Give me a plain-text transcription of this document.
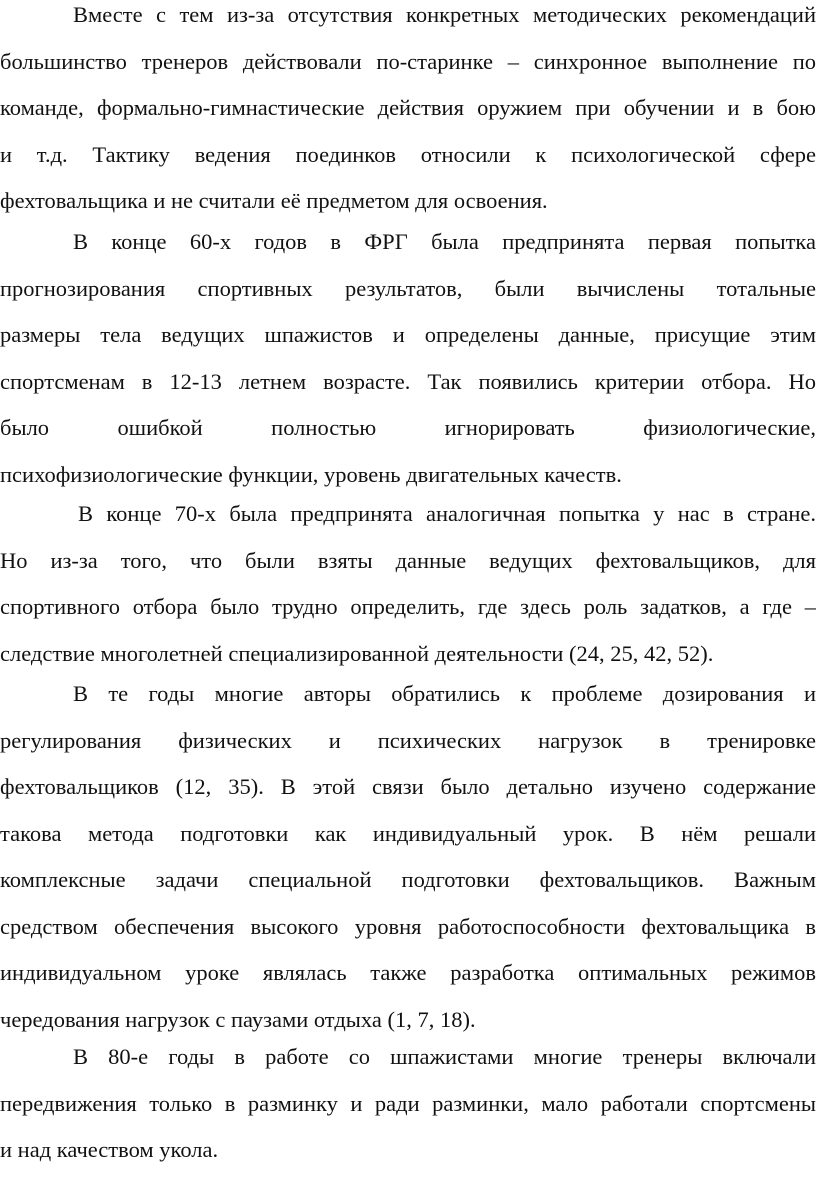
Вместе с тем из-за отсутствия конкретных методических рекомендаций
большинство тренеров действовали по-старинке – синхронное выполнение по
команде, формально-гимнастические действия оружием при обучении и в бою
и т.д. Тактику ведения поединков относили к психологической сфере
фехтовальщика и не считали её предметом для освоения.
В конце 60-х годов в ФРГ была предпринята первая попытка
прогнозирования спортивных результатов, были вычислены тотальные
размеры тела ведущих шпажистов и определены данные, присущие этим
спортсменам в 12-13 летнем возрасте. Так появились критерии отбора. Но
было ошибкой полностью игнорировать физиологические,
психофизиологические функции, уровень двигательных качеств.
В конце 70-х была предпринята аналогичная попытка у нас в стране.
Но из-за того, что были взяты данные ведущих фехтовальщиков, для
спортивного отбора было трудно определить, где здесь роль задатков, а где –
следствие многолетней специализированной деятельности (24, 25, 42, 52).
В те годы многие авторы обратились к проблеме дозирования и
регулирования физических и психических нагрузок в тренировке
фехтовальщиков (12, 35). В этой связи было детально изучено содержание
такова метода подготовки как индивидуальный урок. В нём решали
комплексные задачи специальной подготовки фехтовальщиков. Важным
средством обеспечения высокого уровня работоспособности фехтовальщика в
индивидуальном уроке являлась также разработка оптимальных режимов
чередования нагрузок с паузами отдыха (1, 7, 18).
В 80-е годы в работе со шпажистами многие тренеры включали
передвижения только в разминку и ради разминки, мало работали спортсмены
и над качеством укола.
